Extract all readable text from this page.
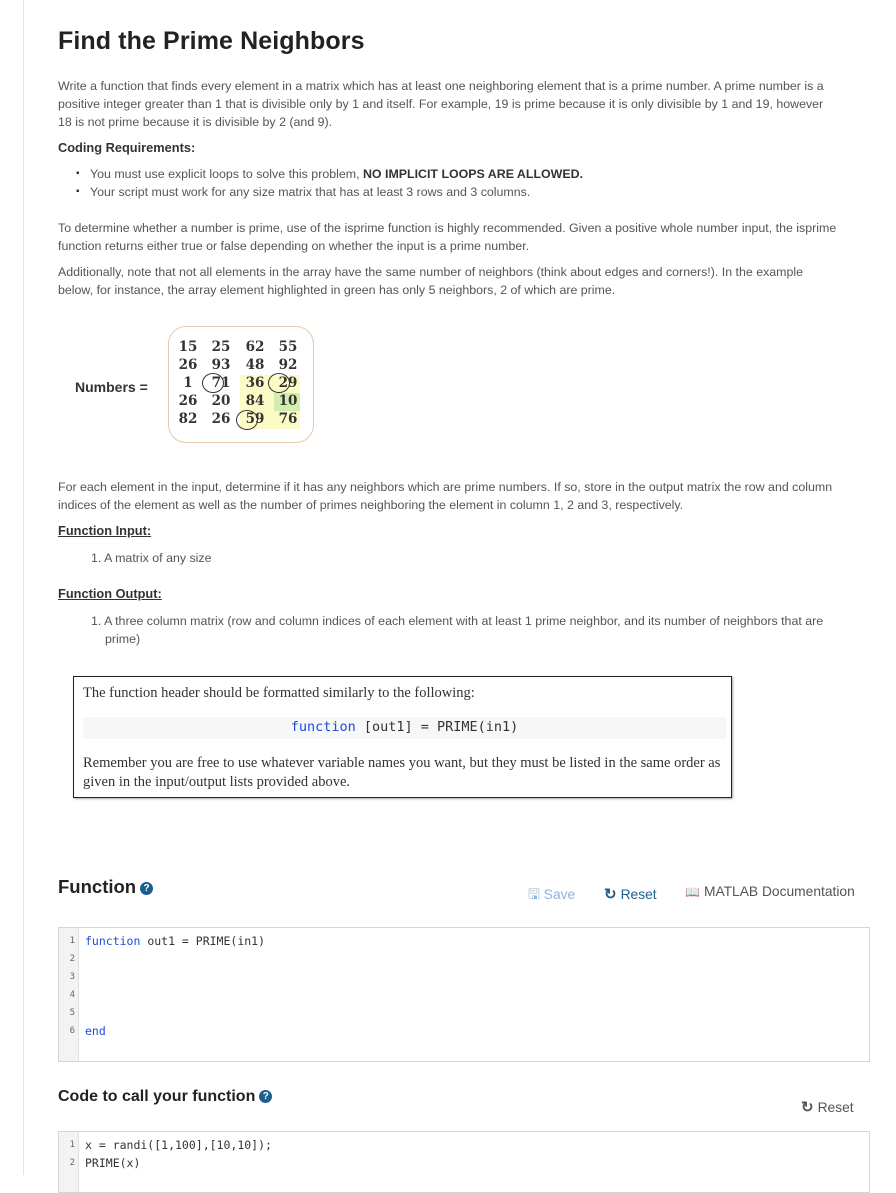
Find the Prime Neighbors

Write a function that finds every element in a matrix which has at least one neighboring element that is a prime number. A prime number is a positive integer greater than 1 that is divisible only by 1 and itself. For example, 19 is prime because it is only divisible by 1 and 19, however 18 is not prime because it is divisible by 2 (and 9).

Coding Requirements:

▪ You must use explicit loops to solve this problem, NO IMPLICIT LOOPS ARE ALLOWED.
▪ Your script must work for any size matrix that has at least 3 rows and 3 columns.

To determine whether a number is prime, use of the isprime function is highly recommended. Given a positive whole number input, the isprime function returns either true or false depending on whether the input is a prime number.

Additionally, note that not all elements in the array have the same number of neighbors (think about edges and corners!). In the example below, for instance, the array element highlighted in green has only 5 neighbors, 2 of which are prime.

Numbers =
15	25	62	55
26	93	48	92
1	71	36	29
26	20	84	10
82	26	59	76

For each element in the input, determine if it has any neighbors which are prime numbers. If so, store in the output matrix the row and column indices of the element as well as the number of primes neighboring the element in column 1, 2 and 3, respectively.

Function Input:

1. A matrix of any size

Function Output:

1. A three column matrix (row and column indices of each element with at least 1 prime neighbor, and its number of neighbors that are prime)

The function header should be formatted similarly to the following:
function [out1] = PRIME(in1)
Remember you are free to use whatever variable names you want, but they must be listed in the same order as given in the input/output lists provided above.

Function ?	🖫 Save ↻ Reset 📖 MATLAB Documentation
1
2
3
4
5
6
function out1 = PRIME(in1)
end

Code to call your function ?

↻ Reset
1
2
x = randi([1,100],[10,10]);
PRIME(x)
